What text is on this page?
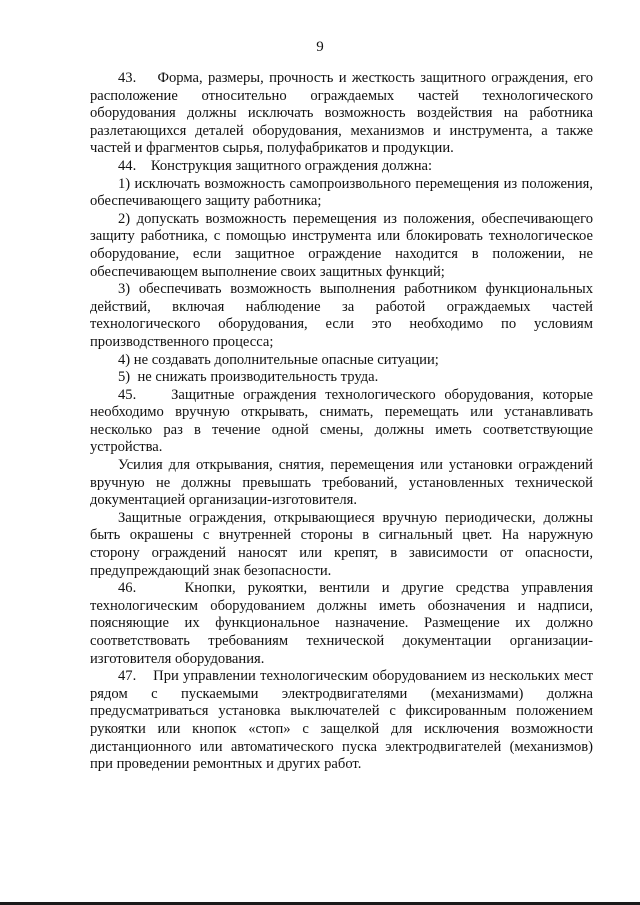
9

43.    Форма, размеры, прочность и жесткость защитного ограждения, его расположение относительно ограждаемых частей технологического оборудования должны исключать возможность воздействия на работника разлетающихся деталей оборудования, механизмов и инструмента, а также частей и фрагментов сырья, полуфабрикатов и продукции.

44.    Конструкция защитного ограждения должна:

1) исключать возможность самопроизвольного перемещения из положения, обеспечивающего защиту работника;

2) допускать возможность перемещения из положения, обеспечивающего защиту работника, с помощью инструмента или блокировать технологическое оборудование, если защитное ограждение находится в положении, не обеспечивающем выполнение своих защитных функций;

3) обеспечивать возможность выполнения работником функциональных действий, включая наблюдение за работой ограждаемых частей технологического оборудования, если это необходимо по условиям производственного процесса;

4) не создавать дополнительные опасные ситуации;

5)  не снижать производительность труда.

45.    Защитные ограждения технологического оборудования, которые необходимо вручную открывать, снимать, перемещать или устанавливать несколько раз в течение одной смены, должны иметь соответствующие устройства.

Усилия для открывания, снятия, перемещения или установки ограждений вручную не должны превышать требований, установленных технической документацией организации-изготовителя.

Защитные ограждения, открывающиеся вручную периодически, должны быть окрашены с внутренней стороны в сигнальный цвет. На наружную сторону ограждений наносят или крепят, в зависимости от опасности, предупреждающий знак безопасности.

46.    Кнопки, рукоятки, вентили и другие средства управления технологическим оборудованием должны иметь обозначения и надписи, поясняющие их функциональное назначение. Размещение их должно соответствовать требованиям технической документации организации-изготовителя оборудования.

47.    При управлении технологическим оборудованием из нескольких мест рядом с пускаемыми электродвигателями (механизмами) должна предусматриваться установка выключателей с фиксированным положением рукоятки или кнопок «стоп» с защелкой для исключения возможности дистанционного или автоматического пуска электродвигателей (механизмов) при проведении ремонтных и других работ.
